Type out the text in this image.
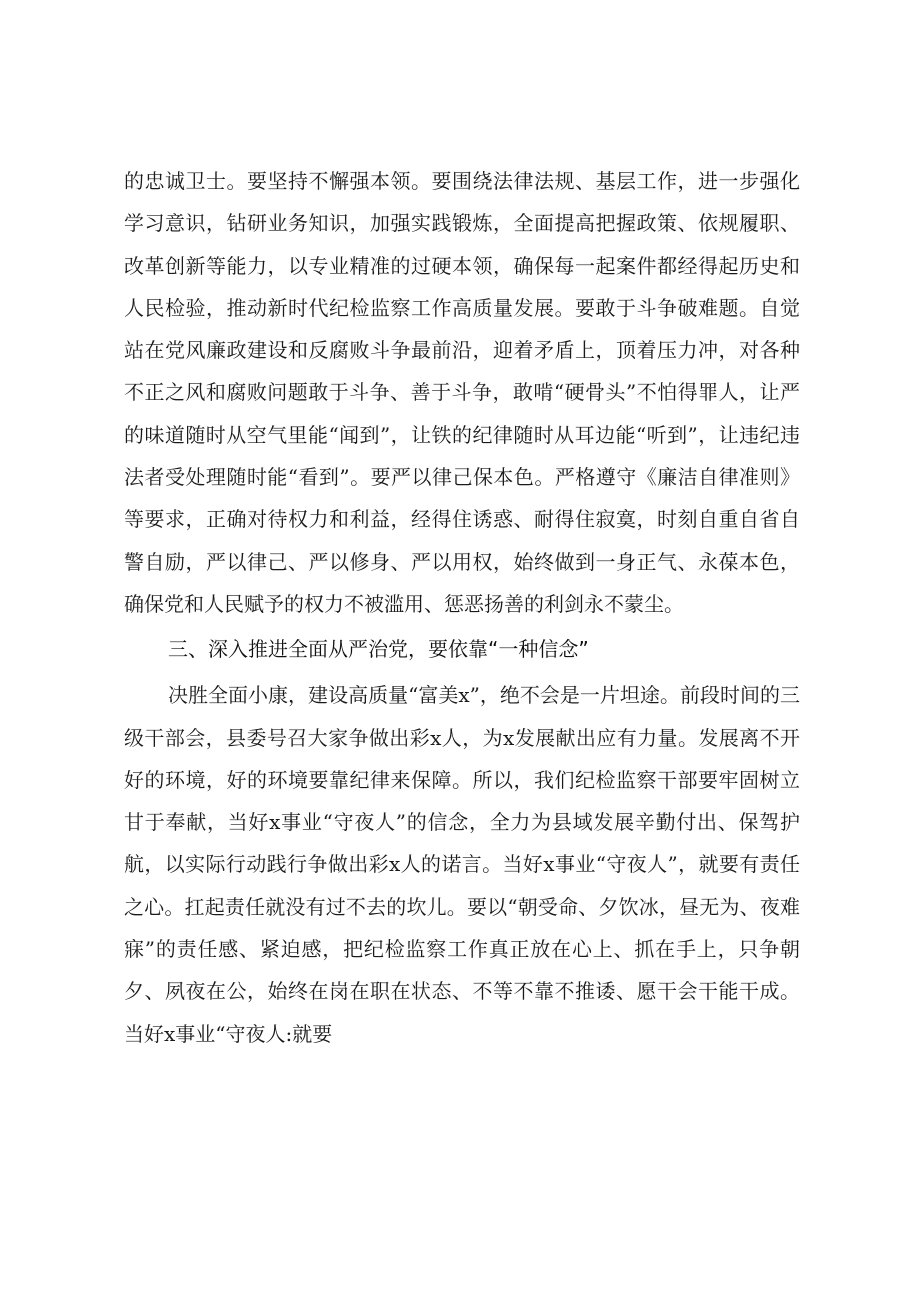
的忠诚卫士。要坚持不懈强本领。要围绕法律法规、基层工作，进一步强化学习意识，钻研业务知识，加强实践锻炼，全面提高把握政策、依规履职、改革创新等能力，以专业精准的过硬本领，确保每一起案件都经得起历史和人民检验，推动新时代纪检监察工作高质量发展。要敢于斗争破难题。自觉站在党风廉政建设和反腐败斗争最前沿，迎着矛盾上，顶着压力冲，对各种不正之风和腐败问题敢于斗争、善于斗争，敢啃“硬骨头”不怕得罪人，让严的味道随时从空气里能“闻到”，让铁的纪律随时从耳边能“听到”，让违纪违法者受处理随时能“看到”。要严以律己保本色。严格遵守《廉洁自律准则》等要求，正确对待权力和利益，经得住诱惑、耐得住寂寞，时刻自重自省自警自励，严以律己、严以修身、严以用权，始终做到一身正气、永葆本色，确保党和人民赋予的权力不被滥用、惩恶扬善的利剑永不蒙尘。

三、深入推进全面从严治党，要依靠“一种信念”

决胜全面小康，建设高质量“富美x”，绝不会是一片坦途。前段时间的三级干部会，县委号召大家争做出彩x人，为x发展献出应有力量。发展离不开好的环境，好的环境要靠纪律来保障。所以，我们纪检监察干部要牢固树立甘于奉献，当好x事业“守夜人”的信念，全力为县域发展辛勤付出、保驾护航，以实际行动践行争做出彩x人的诺言。当好x事业“守夜人”，就要有责任之心。扛起责任就没有过不去的坎儿。要以“朝受命、夕饮冰，昼无为、夜难寐”的责任感、紧迫感，把纪检监察工作真正放在心上、抓在手上，只争朝夕、夙夜在公，始终在岗在职在状态、不等不靠不推诿、愿干会干能干成。当好x事业“守夜人:就要
